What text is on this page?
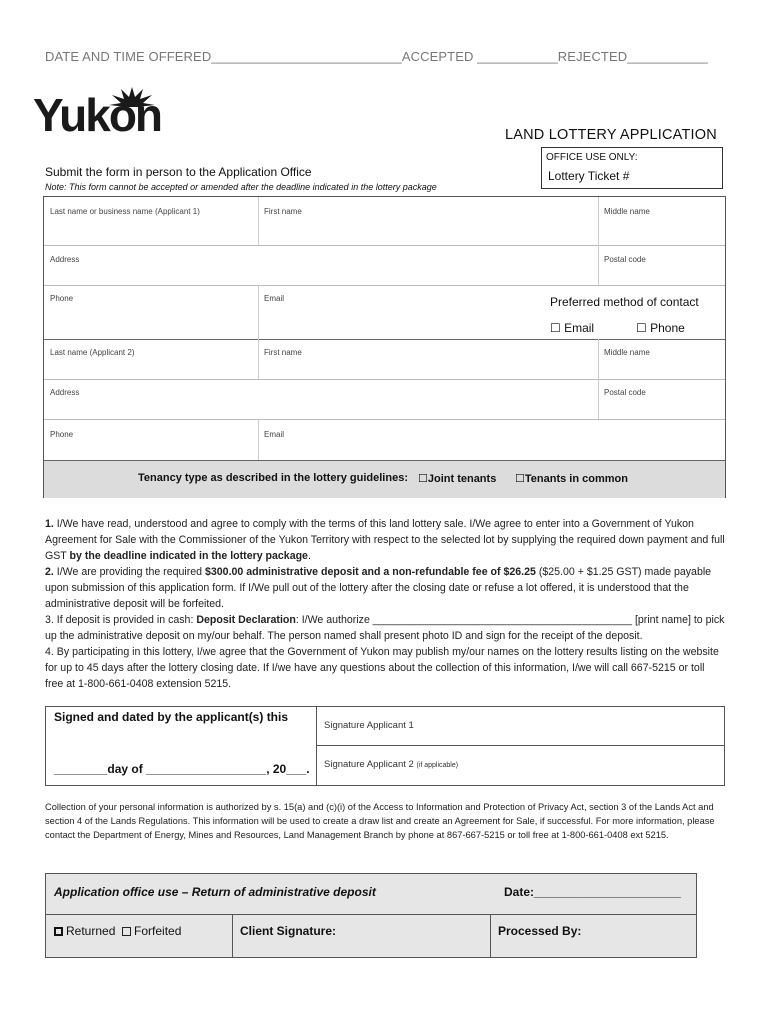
DATE AND TIME OFFERED__________________________ACCEPTED ___________REJECTED___________
Yukon	LAND LOTTERY APPLICATION
OFFICE USE ONLY:
Lottery Ticket #
Submit the form in person to the Application Office
Note: This form cannot be accepted or amended after the deadline indicated in the lottery package
Last name or business name (Applicant 1)	First name	Middle name
Address	Postal code
Phone	Email	Preferred method of contact
☐ Email	☐ Phone
Last name (Applicant 2)	First name	Middle name
Address	Postal code
Phone	Email
Tenancy type as described in the lottery guidelines: ☐Joint tenants ☐Tenants in common

1. I/We have read, understood and agree to comply with the terms of this land lottery sale. I/We agree to enter into a Government of Yukon Agreement for Sale with the Commissioner of the Yukon Territory with respect to the selected lot by supplying the required down payment and full GST by the deadline indicated in the lottery package.

2. I/We are providing the required $300.00 administrative deposit and a non-refundable fee of $26.25 ($25.00 + $1.25 GST) made payable upon submission of this application form. If I/We pull out of the lottery after the closing date or refuse a lot offered, it is understood that the administrative deposit will be forfeited.

3. If deposit is provided in cash: Deposit Declaration: I/We authorize ____________________________________________ [print name] to pick up the administrative deposit on my/our behalf. The person named shall present photo ID and sign for the receipt of the deposit.

4. By participating in this lottery, I/we agree that the Government of Yukon may publish my/our names on the lottery results listing on the website for up to 45 days after the lottery closing date. If I/we have any questions about the collection of this information, I/we will call 667-5215 or toll free at 1-800-661-0408 extension 5215.

Signed and dated by the applicant(s) this
________day of __________________, 20___.
Signature Applicant 1
Signature Applicant 2 (if applicable)
Collection of your personal information is authorized by s. 15(a) and (c)(i) of the Access to Information and Protection of Privacy Act, section 3 of the Lands Act and section 4 of the Lands Regulations. This information will be used to create a draw list and create an Agreement for Sale, if successful. For more information, please contact the Department of Energy, Mines and Resources, Land Management Branch by phone at 867-667-5215 or toll free at 1-800-661-0408 ext 5215.
Application office use – Return of administrative deposit	Date:______________________
Returned Forfeited	Client Signature:	Processed By:
